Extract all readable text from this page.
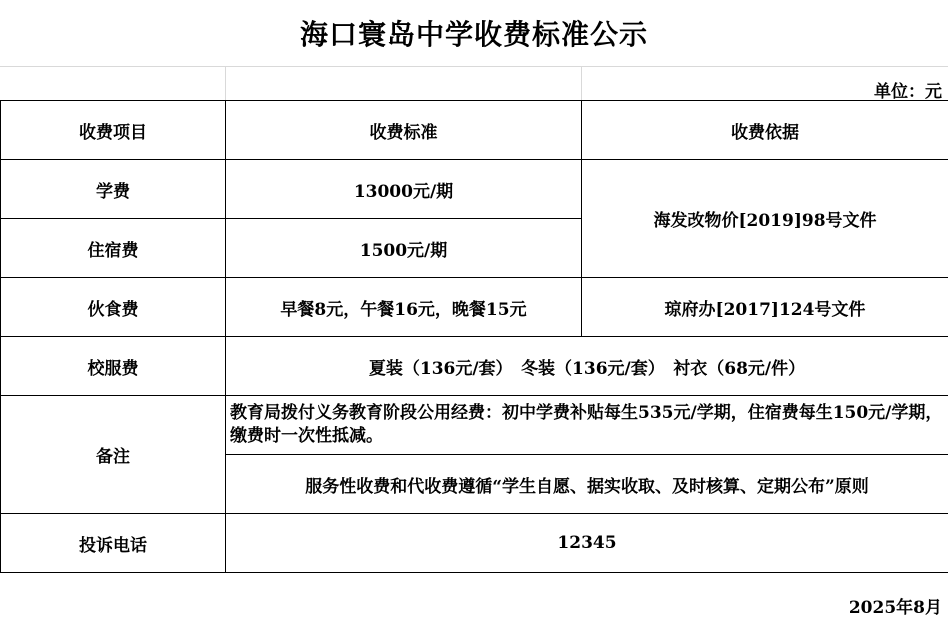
海口寰岛中学收费标准公示
单位：元
收费项目	收费标准	收费依据
学费	13000元/期	海发改物价[2019]98号文件
住宿费	1500元/期	
伙食费	早餐8元，午餐16元，晚餐15元	琼府办[2017]124号文件
校服费	夏装（136元/套）　冬装（136元/套）　衬衣（68元/件）	
备注	教育局拨付义务教育阶段公用经费：初中学费补贴每生535元/学期，住宿费每生150元/学期，缴费时一次性抵减。	
	服务性收费和代收费遵循“学生自愿、据实收取、及时核算、定期公布”原则	
投诉电话	12345	
2025年8月
